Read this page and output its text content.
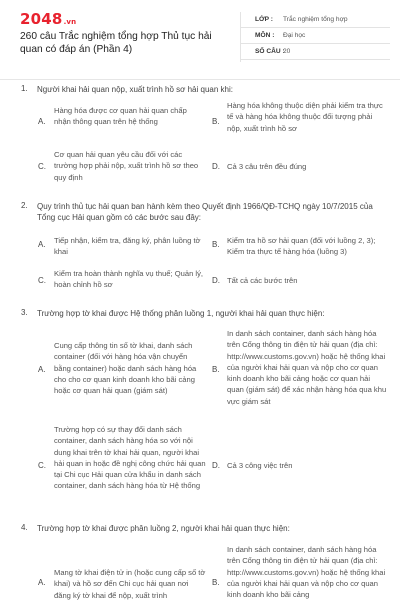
2048.vn
260 câu Trắc nghiệm tổng hợp Thủ tục hải quan có đáp án (Phần 4)
LỚP : Trắc nghiệm tổng hợp
MÔN : Đại học
SỐ CÂU :
20
1. Người khai hải quan nộp, xuất trình hồ sơ hải quan khi:
A.
Hàng hóa được cơ quan hải quan chấp nhận thông quan trên hệ thống	B.
Hàng hóa không thuộc diện phải kiểm tra thực tế và hàng hóa không thuộc đối tượng phải nộp, xuất trình hồ sơ
C.
Cơ quan hải quan yêu cầu đối với các trường hợp phải nộp, xuất trình hồ sơ theo quy định
D. Cả 3 câu trên đều đúng
2. Quy trình thủ tục hải quan ban hành kèm theo Quyết định 1966/QĐ-TCHQ ngày 10/7/2015 của Tổng cục Hải quan gồm có các bước sau đây:
A. Tiếp nhận, kiểm tra, đăng ký, phân luồng tờ khai
B. Kiểm tra hồ sơ hải quan (đối với luồng 2, 3); Kiểm tra thực tế hàng hóa (luồng 3)
C.
Kiểm tra hoàn thành nghĩa vụ thuế; Quản lý, hoàn chỉnh hồ sơ	D. Tất cả các bước trên
3. Trường hợp tờ khai được Hệ thống phân luồng 1, người khai hải quan thực hiện:
A.
Cung cấp thông tin số tờ khai, danh sách container (đối với hàng hóa vận chuyển bằng container) hoặc danh sách hàng hóa cho cho cơ quan kinh doanh kho bãi cảng hoặc cơ quan hải quan (giám sát)
B.
In danh sách container, danh sách hàng hóa trên Cổng thông tin điện tử hải quan (địa chỉ: http://www.customs.gov.vn) hoặc hệ thống khai của người khai hải quan và nộp cho cơ quan kinh doanh kho bãi cảng hoặc cơ quan hải quan (giám sát) để xác nhận hàng hóa qua khu vực giám sát
C.
Trường hợp có sự thay đổi danh sách container, danh sách hàng hóa so với nội dung khai trên tờ khai hải quan, người khai hải quan in hoặc đề nghị công chức hải quan tại Chi cục Hải quan cửa khẩu in danh sách container, danh sách hàng hóa từ Hệ thống
D. Cả 3 công việc trên
4. Trường hợp tờ khai được phân luồng 2, người khai hải quan thực hiện:
A.
Mang tờ khai điện tử in (hoặc cung cấp số tờ khai) và hồ sơ đến Chi cục hải quan nơi đăng ký tờ khai để nộp, xuất trình
B.
In danh sách container, danh sách hàng hóa trên Cổng thông tin điện tử hải quan (địa chỉ: http://www.customs.gov.vn) hoặc hệ thống khai của người khai hải quan và nộp cho cơ quan kinh doanh kho bãi cảng
